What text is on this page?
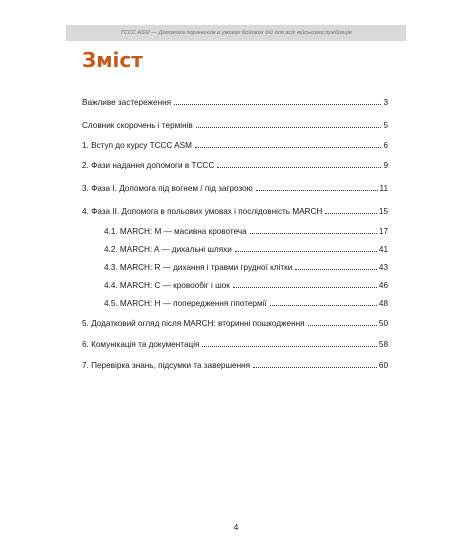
TCCC ASM — Допомога пораненим в умовах бойових дій для всіх військовослужбовців
Зміст
Важливе застереження	3
Словник скорочень і термінів	5
1. Вступ до курсу TCCC ASM	6
2. Фази надання допомоги в TCCC	9
3. Фаза I. Допомога під вогнем / під загрозою	11
4. Фаза II. Допомога в польових умовах і послідовність MARCH	15
4.1. MARCH: M — масивна кровотеча	17
4.2. MARCH: A — дихальні шляхи	41
4.3. MARCH: R — дихання і травми грудної клітки	43
4.4. MARCH: C — кровообіг і шок	46
4.5. MARCH: H — попередження гіпотермії	48
5. Додатковий огляд після MARCH: вторинні пошкодження	50
6. Комунікація та документація	58
7. Перевірка знань, підсумки та завершення	60
4
